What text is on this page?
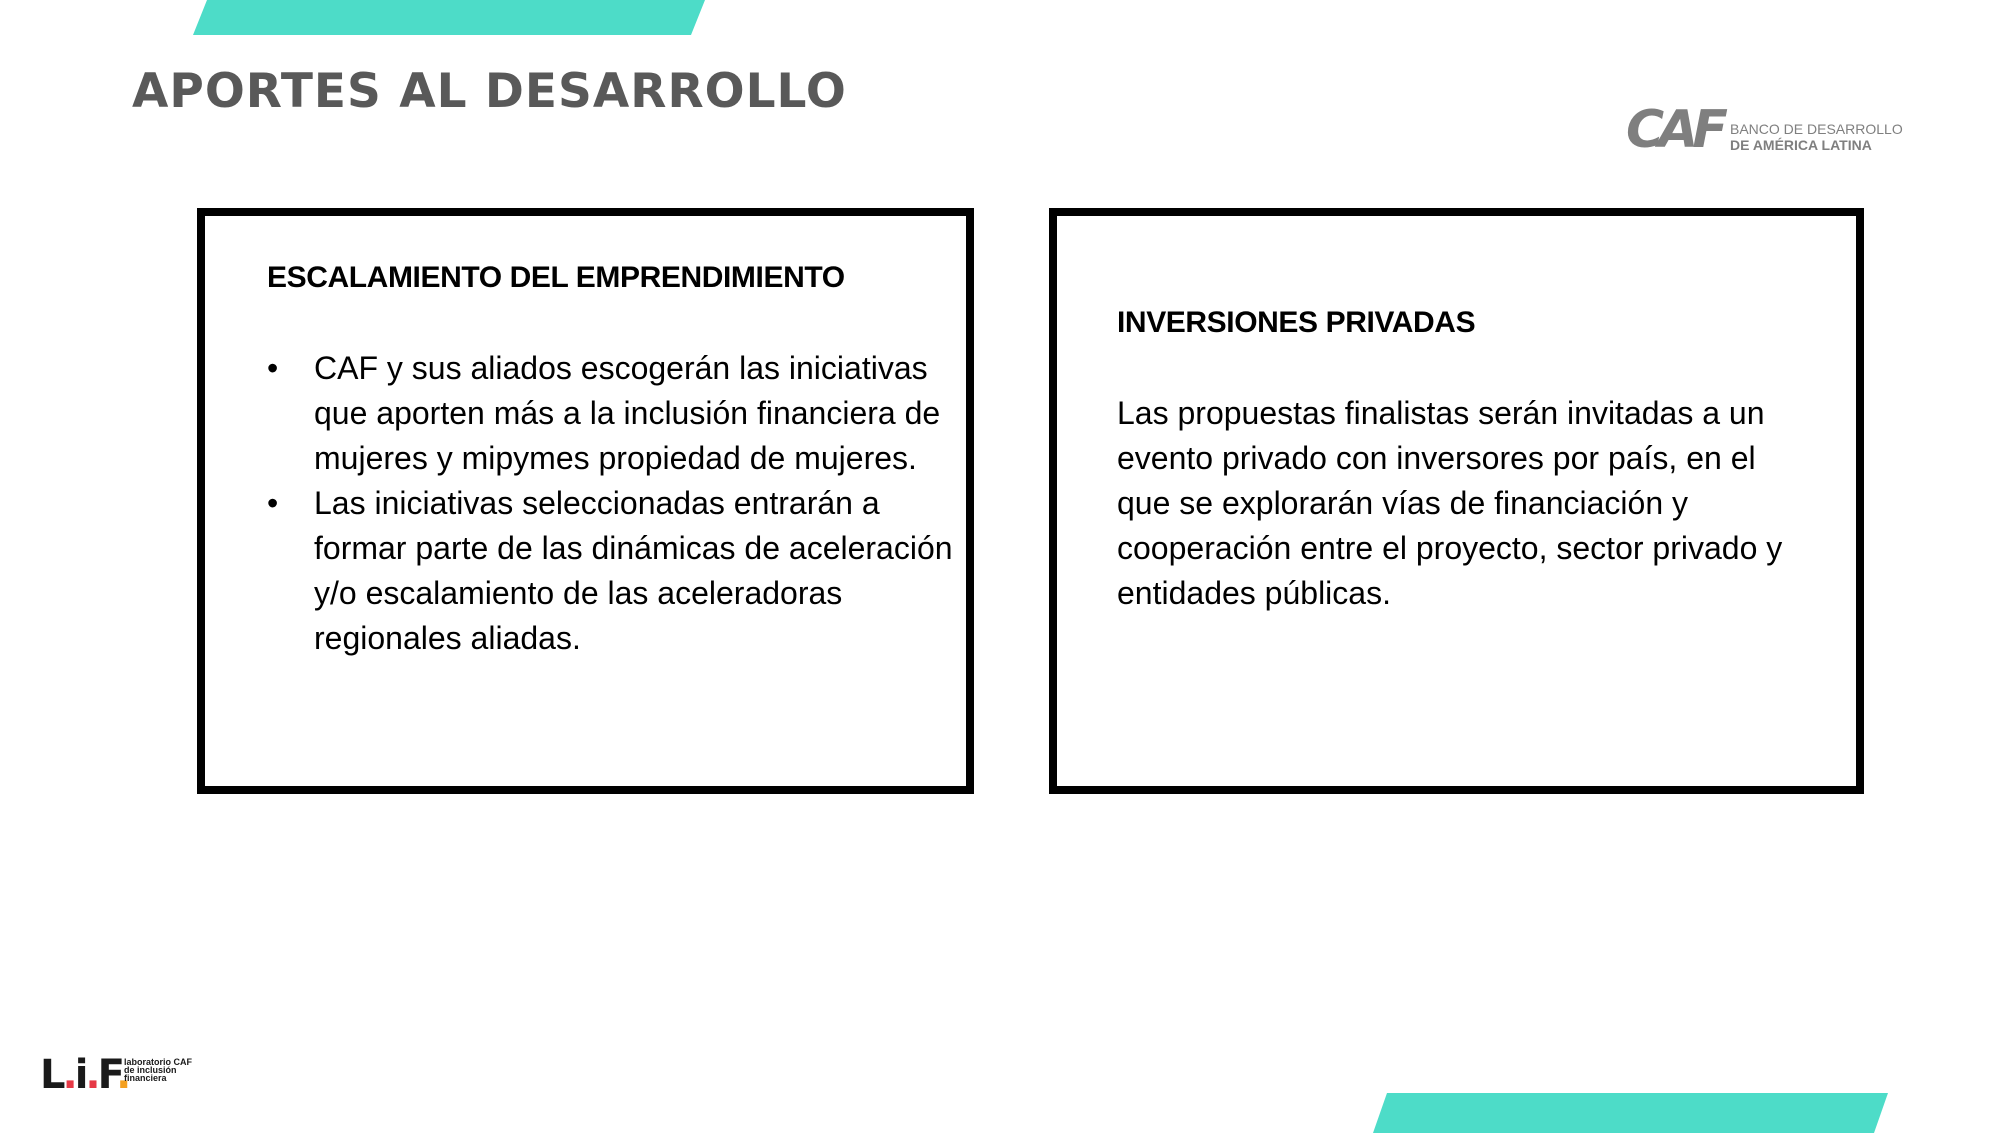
APORTES AL DESARROLLO
CAF BANCO DE DESARROLLO
DE AMÉRICA LATINA
ESCALAMIENTO DEL EMPRENDIMIENTO
• CAF y sus aliados escogerán las iniciativas que aporten más a la inclusión financiera de mujeres y mipymes propiedad de mujeres.
• Las iniciativas seleccionadas entrarán a formar parte de las dinámicas de aceleración y/o escalamiento de las aceleradoras regionales aliadas.
INVERSIONES PRIVADAS

Las propuestas finalistas serán invitadas a un evento privado con inversores por país, en el que se explorarán vías de financiación y cooperación entre el proyecto, sector privado y entidades públicas.

L.i.F.
laboratorio CAF
de inclusión
financiera
